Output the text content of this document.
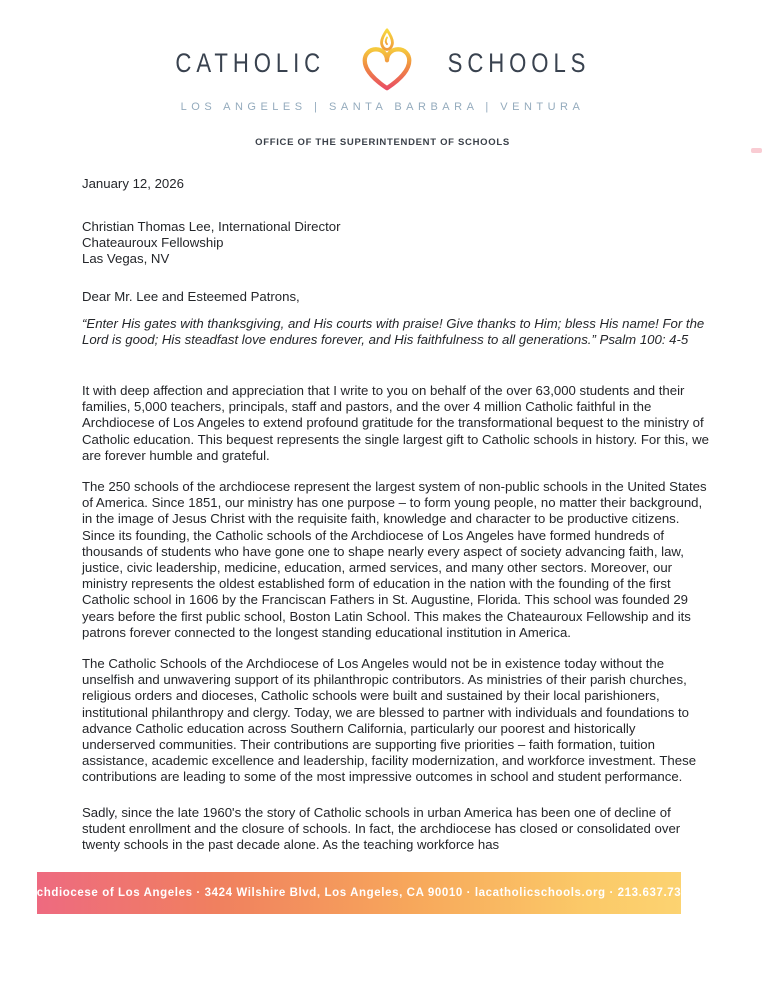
CATHOLIC	SCHOOLS
LOS ANGELES | SANTA BARBARA | VENTURA
OFFICE OF THE SUPERINTENDENT OF SCHOOLS
January 12, 2026
Christian Thomas Lee, International Director
Chateauroux Fellowship
Las Vegas, NV
Dear Mr. Lee and Esteemed Patrons,
“Enter His gates with thanksgiving, and His courts with praise! Give thanks to Him; bless His name! For the Lord is good; His steadfast love endures forever, and His faithfulness to all generations.” Psalm 100: 4-5
It with deep affection and appreciation that I write to you on behalf of the over 63,000 students and their families, 5,000 teachers, principals, staff and pastors, and the over 4 million Catholic faithful in the Archdiocese of Los Angeles to extend profound gratitude for the transformational bequest to the ministry of Catholic education. This bequest represents the single largest gift to Catholic schools in history. For this, we are forever humble and grateful.
The 250 schools of the archdiocese represent the largest system of non-public schools in the United States of America. Since 1851, our ministry has one purpose – to form young people, no matter their background, in the image of Jesus Christ with the requisite faith, knowledge and character to be productive citizens. Since its founding, the Catholic schools of the Archdiocese of Los Angeles have formed hundreds of thousands of students who have gone one to shape nearly every aspect of society advancing faith, law, justice, civic leadership, medicine, education, armed services, and many other sectors. Moreover, our ministry represents the oldest established form of education in the nation with the founding of the first Catholic school in 1606 by the Franciscan Fathers in St. Augustine, Florida. This school was founded 29 years before the first public school, Boston Latin School. This makes the Chateauroux Fellowship and its patrons forever connected to the longest standing educational institution in America.
The Catholic Schools of the Archdiocese of Los Angeles would not be in existence today without the unselfish and unwavering support of its philanthropic contributors. As ministries of their parish churches, religious orders and dioceses, Catholic schools were built and sustained by their local parishioners, institutional philanthropy and clergy. Today, we are blessed to partner with individuals and foundations to advance Catholic education across Southern California, particularly our poorest and historically underserved communities. Their contributions are supporting five priorities – faith formation, tuition assistance, academic excellence and leadership, facility modernization, and workforce investment. These contributions are leading to some of the most impressive outcomes in school and student performance.
Sadly, since the late 1960's the story of Catholic schools in urban America has been one of decline of student enrollment and the closure of schools. In fact, the archdiocese has closed or consolidated over twenty schools in the past decade alone. As the teaching workforce has
Archdiocese of Los Angeles · 3424 Wilshire Blvd, Los Angeles, CA 90010 · lacatholicschools.org · 213.637.7300
